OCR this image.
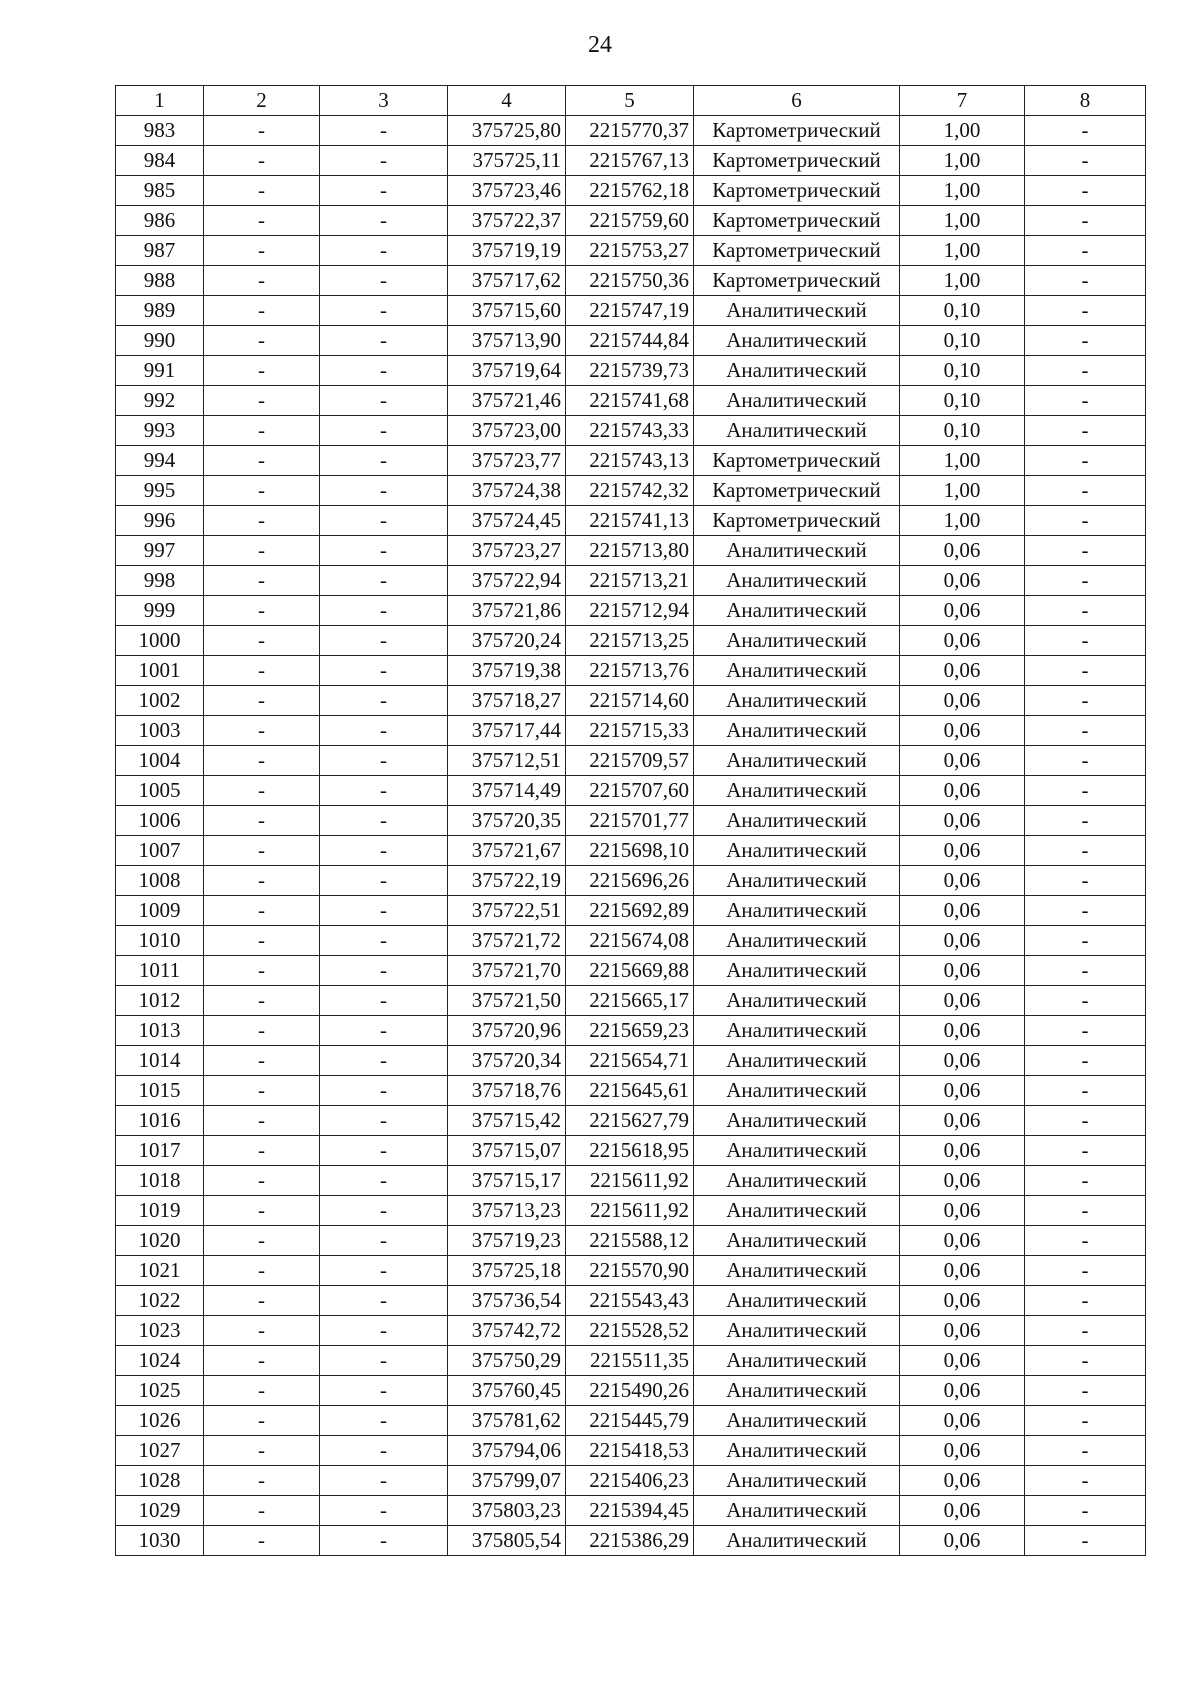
24
1	2	3	4	5	6	7	8
983	-	-	375725,80	2215770,37	Картометрический	1,00	-
984	-	-	375725,11	2215767,13	Картометрический	1,00	-
985	-	-	375723,46	2215762,18	Картометрический	1,00	-
986	-	-	375722,37	2215759,60	Картометрический	1,00	-
987	-	-	375719,19	2215753,27	Картометрический	1,00	-
988	-	-	375717,62	2215750,36	Картометрический	1,00	-
989	-	-	375715,60	2215747,19	Аналитический	0,10	-
990	-	-	375713,90	2215744,84	Аналитический	0,10	-
991	-	-	375719,64	2215739,73	Аналитический	0,10	-
992	-	-	375721,46	2215741,68	Аналитический	0,10	-
993	-	-	375723,00	2215743,33	Аналитический	0,10	-
994	-	-	375723,77	2215743,13	Картометрический	1,00	-
995	-	-	375724,38	2215742,32	Картометрический	1,00	-
996	-	-	375724,45	2215741,13	Картометрический	1,00	-
997	-	-	375723,27	2215713,80	Аналитический	0,06	-
998	-	-	375722,94	2215713,21	Аналитический	0,06	-
999	-	-	375721,86	2215712,94	Аналитический	0,06	-
1000	-	-	375720,24	2215713,25	Аналитический	0,06	-
1001	-	-	375719,38	2215713,76	Аналитический	0,06	-
1002	-	-	375718,27	2215714,60	Аналитический	0,06	-
1003	-	-	375717,44	2215715,33	Аналитический	0,06	-
1004	-	-	375712,51	2215709,57	Аналитический	0,06	-
1005	-	-	375714,49	2215707,60	Аналитический	0,06	-
1006	-	-	375720,35	2215701,77	Аналитический	0,06	-
1007	-	-	375721,67	2215698,10	Аналитический	0,06	-
1008	-	-	375722,19	2215696,26	Аналитический	0,06	-
1009	-	-	375722,51	2215692,89	Аналитический	0,06	-
1010	-	-	375721,72	2215674,08	Аналитический	0,06	-
1011	-	-	375721,70	2215669,88	Аналитический	0,06	-
1012	-	-	375721,50	2215665,17	Аналитический	0,06	-
1013	-	-	375720,96	2215659,23	Аналитический	0,06	-
1014	-	-	375720,34	2215654,71	Аналитический	0,06	-
1015	-	-	375718,76	2215645,61	Аналитический	0,06	-
1016	-	-	375715,42	2215627,79	Аналитический	0,06	-
1017	-	-	375715,07	2215618,95	Аналитический	0,06	-
1018	-	-	375715,17	2215611,92	Аналитический	0,06	-
1019	-	-	375713,23	2215611,92	Аналитический	0,06	-
1020	-	-	375719,23	2215588,12	Аналитический	0,06	-
1021	-	-	375725,18	2215570,90	Аналитический	0,06	-
1022	-	-	375736,54	2215543,43	Аналитический	0,06	-
1023	-	-	375742,72	2215528,52	Аналитический	0,06	-
1024	-	-	375750,29	2215511,35	Аналитический	0,06	-
1025	-	-	375760,45	2215490,26	Аналитический	0,06	-
1026	-	-	375781,62	2215445,79	Аналитический	0,06	-
1027	-	-	375794,06	2215418,53	Аналитический	0,06	-
1028	-	-	375799,07	2215406,23	Аналитический	0,06	-
1029	-	-	375803,23	2215394,45	Аналитический	0,06	-
1030	-	-	375805,54	2215386,29	Аналитический	0,06	-
